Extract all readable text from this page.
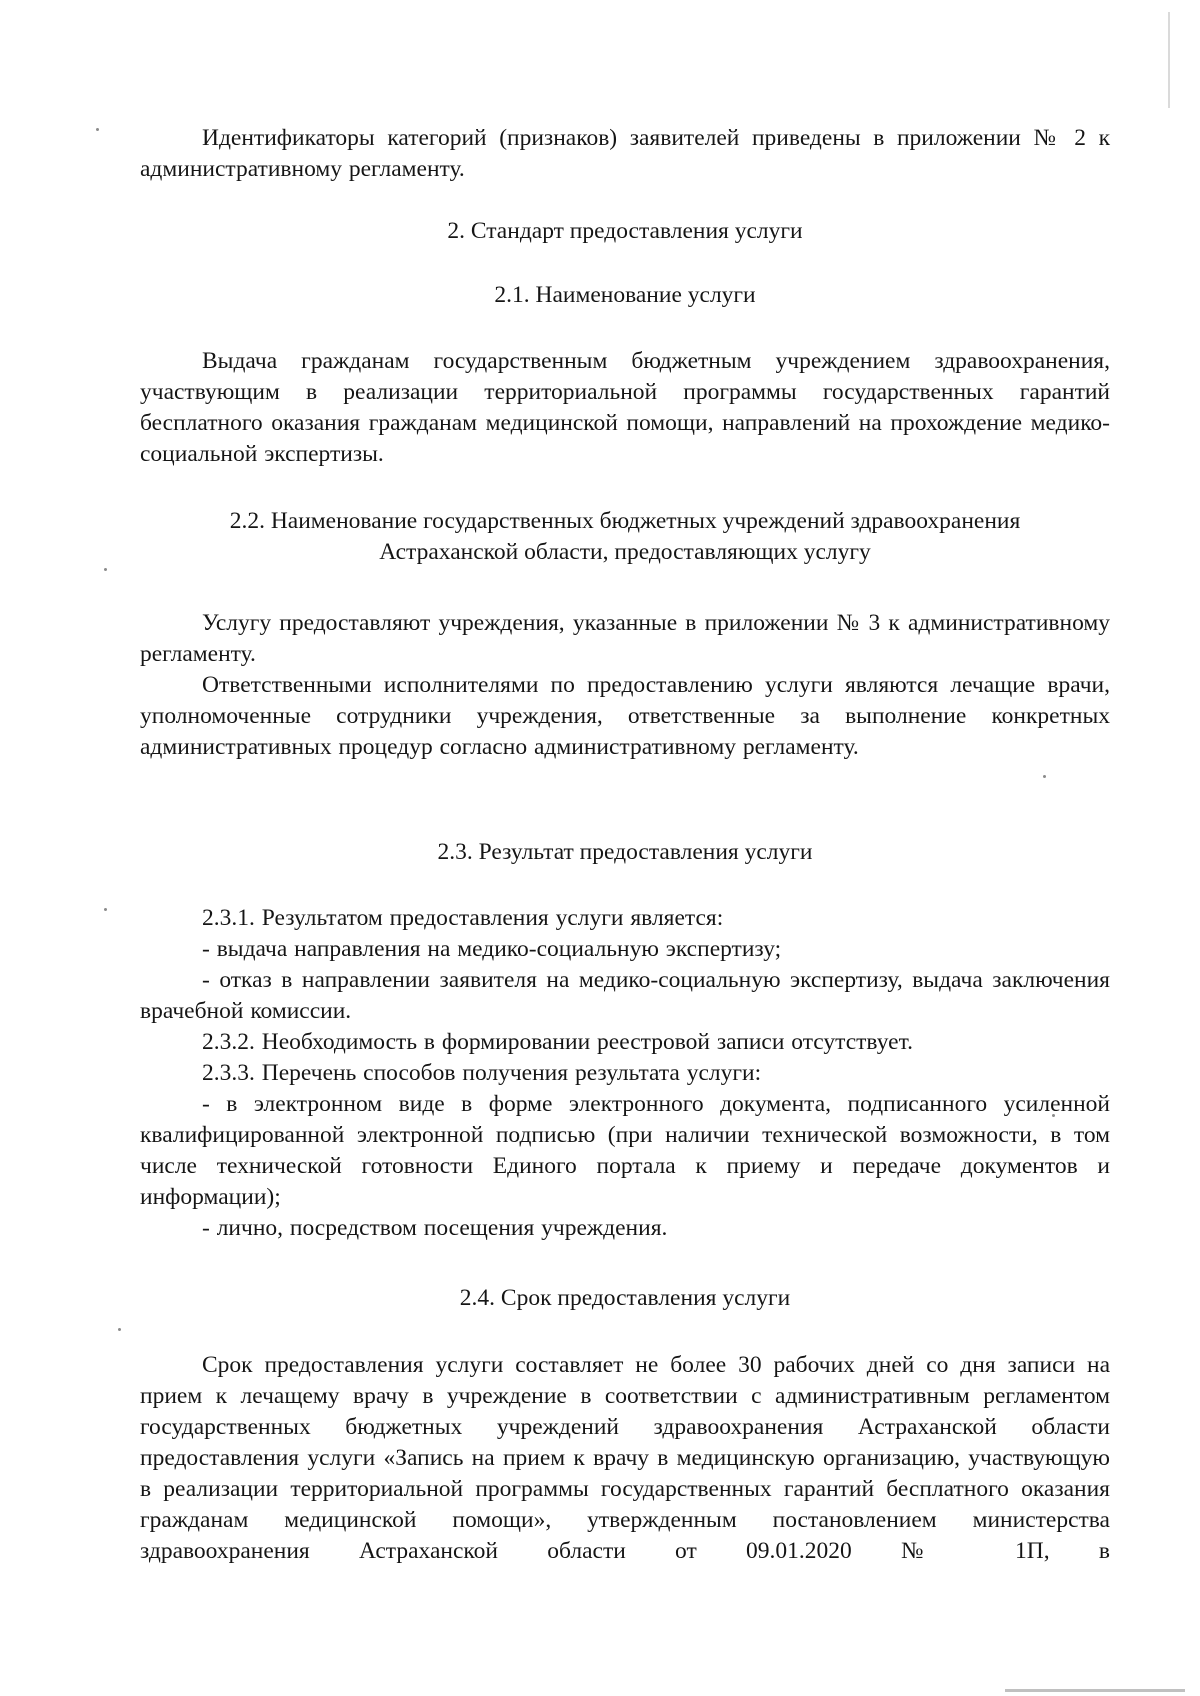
Идентификаторы категорий (признаков) заявителей приведены в приложении № 2 к административному регламенту.

2. Стандарт предоставления услуги

2.1. Наименование услуги

Выдача гражданам государственным бюджетным учреждением здравоохранения, участвующим в реализации территориальной программы государственных гарантий бесплатного оказания гражданам медицинской помощи, направлений на прохождение медико-социальной экспертизы.

2.2. Наименование государственных бюджетных учреждений здравоохранения

Астраханской области, предоставляющих услугу

Услугу предоставляют учреждения, указанные в приложении № 3 к административному регламенту.

Ответственными исполнителями по предоставлению услуги являются лечащие врачи, уполномоченные сотрудники учреждения, ответственные за выполнение конкретных административных процедур согласно административному регламенту.

2.3. Результат предоставления услуги

2.3.1. Результатом предоставления услуги является:

- выдача направления на медико-социальную экспертизу;

- отказ в направлении заявителя на медико-социальную экспертизу, выдача заключения врачебной комиссии.

2.3.2. Необходимость в формировании реестровой записи отсутствует.

2.3.3. Перечень способов получения результата услуги:

- в электронном виде в форме электронного документа, подписанного усиленной квалифицированной электронной подписью (при наличии технической возможности, в том числе технической готовности Единого портала к приему и передаче документов и информации);

- лично, посредством посещения учреждения.

2.4. Срок предоставления услуги

Срок предоставления услуги составляет не более 30 рабочих дней со дня записи на прием к лечащему врачу в учреждение в соответствии с административным регламентом государственных бюджетных учреждений здравоохранения Астраханской области предоставления услуги «Запись на прием к врачу в медицинскую организацию, участвующую в реализации территориальной программы государственных гарантий бесплатного оказания гражданам медицинской помощи», утвержденным постановлением министерства здравоохранения Астраханской области от 09.01.2020 № 1П, в
